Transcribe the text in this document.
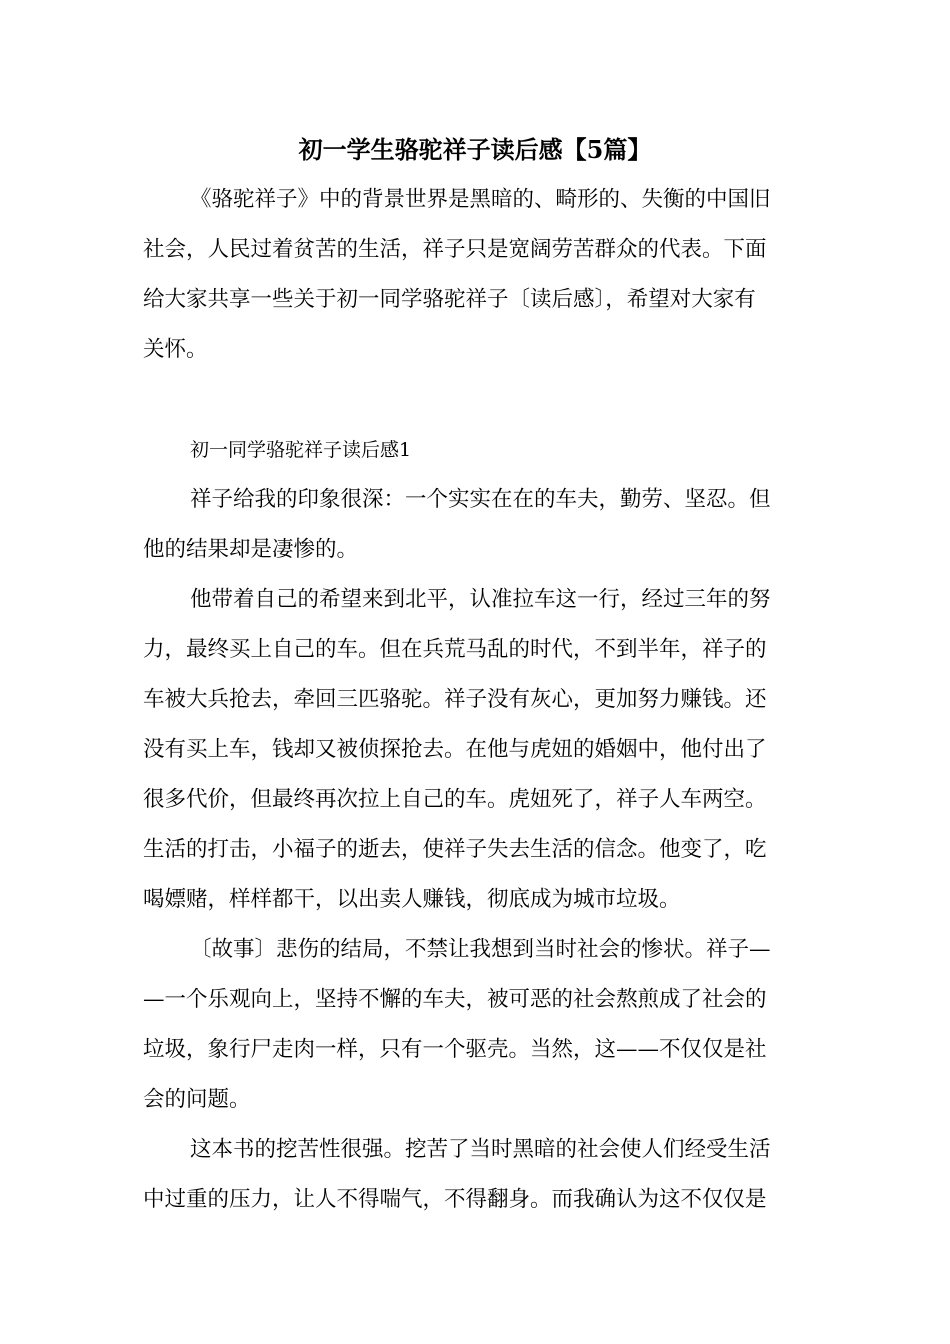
初一学生骆驼祥子读后感【5篇】
《骆驼祥子》中的背景世界是黑暗的、畸形的、失衡的中国旧
社会，人民过着贫苦的生活，祥子只是宽阔劳苦群众的代表。下面
给大家共享一些关于初一同学骆驼祥子〔读后感〕，希望对大家有
关怀。
初一同学骆驼祥子读后感1
祥子给我的印象很深：一个实实在在的车夫，勤劳、坚忍。但
他的结果却是凄惨的。
他带着自己的希望来到北平，认准拉车这一行，经过三年的努
力，最终买上自己的车。但在兵荒马乱的时代，不到半年，祥子的
车被大兵抢去，牵回三匹骆驼。祥子没有灰心，更加努力赚钱。还
没有买上车，钱却又被侦探抢去。在他与虎妞的婚姻中，他付出了
很多代价，但最终再次拉上自己的车。虎妞死了，祥子人车两空。
生活的打击，小福子的逝去，使祥子失去生活的信念。他变了，吃
喝嫖赌，样样都干，以出卖人赚钱，彻底成为城市垃圾。
〔故事〕悲伤的结局，不禁让我想到当时社会的惨状。祥子—
—一个乐观向上，坚持不懈的车夫，被可恶的社会熬煎成了社会的
垃圾，象行尸走肉一样，只有一个驱壳。当然，这——不仅仅是社
会的问题。
这本书的挖苦性很强。挖苦了当时黑暗的社会使人们经受生活
中过重的压力，让人不得喘气，不得翻身。而我确认为这不仅仅是
